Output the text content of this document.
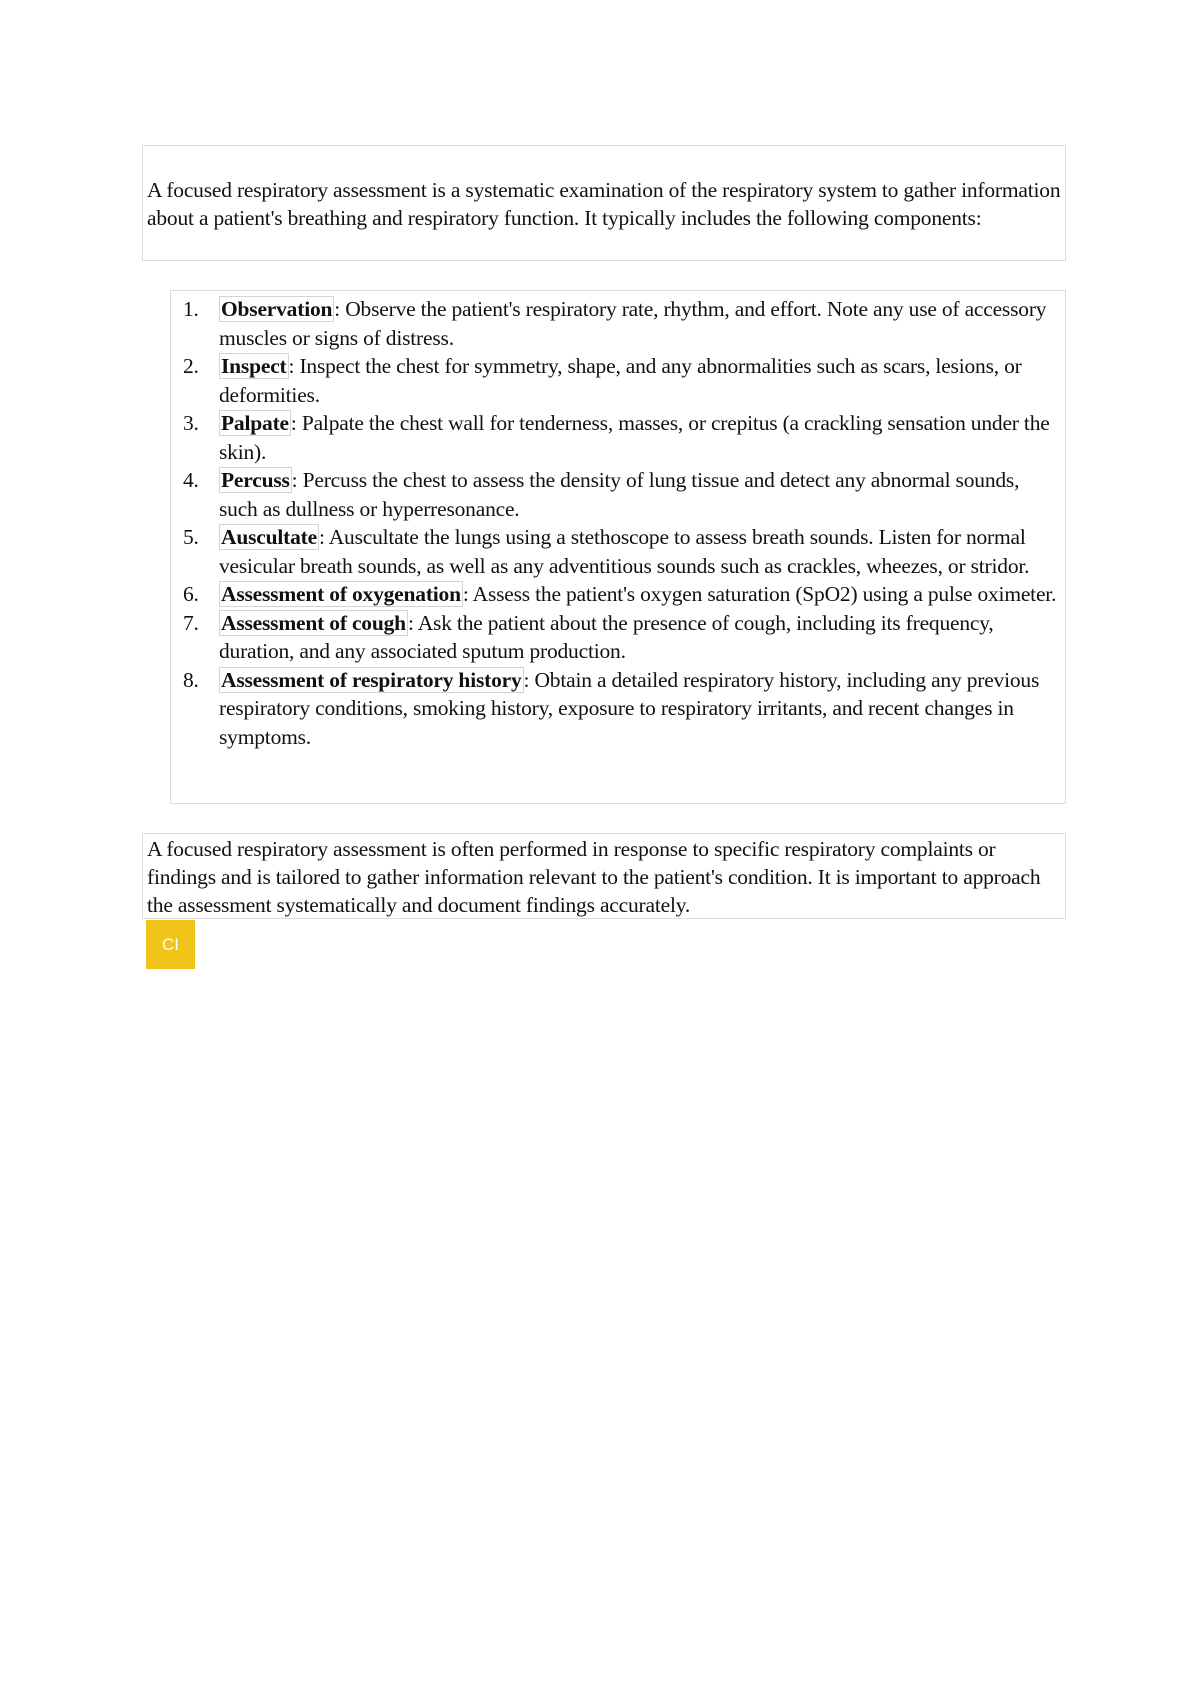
A focused respiratory assessment is a systematic examination of the respiratory system to gather information about a patient's breathing and respiratory function. It typically includes the following components:
1.	Observation: Observe the patient's respiratory rate, rhythm, and effort. Note any use of accessory muscles or signs of distress.
2.	Inspect: Inspect the chest for symmetry, shape, and any abnormalities such as scars, lesions, or deformities.
3.	Palpate: Palpate the chest wall for tenderness, masses, or crepitus (a crackling sensation under the skin).
4.	Percuss: Percuss the chest to assess the density of lung tissue and detect any abnormal sounds, such as dullness or hyperresonance.
5.	Auscultate: Auscultate the lungs using a stethoscope to assess breath sounds. Listen for normal vesicular breath sounds, as well as any adventitious sounds such as crackles, wheezes, or stridor.
6.	Assessment of oxygenation: Assess the patient's oxygen saturation (SpO2) using a pulse oximeter.
7.	Assessment of cough: Ask the patient about the presence of cough, including its frequency, duration, and any associated sputum production.
8.	Assessment of respiratory history: Obtain a detailed respiratory history, including any previous respiratory conditions, smoking history, exposure to respiratory irritants, and recent changes in symptoms.
A focused respiratory assessment is often performed in response to specific respiratory complaints or findings and is tailored to gather information relevant to the patient's condition. It is important to approach the assessment systematically and document findings accurately.
CI
